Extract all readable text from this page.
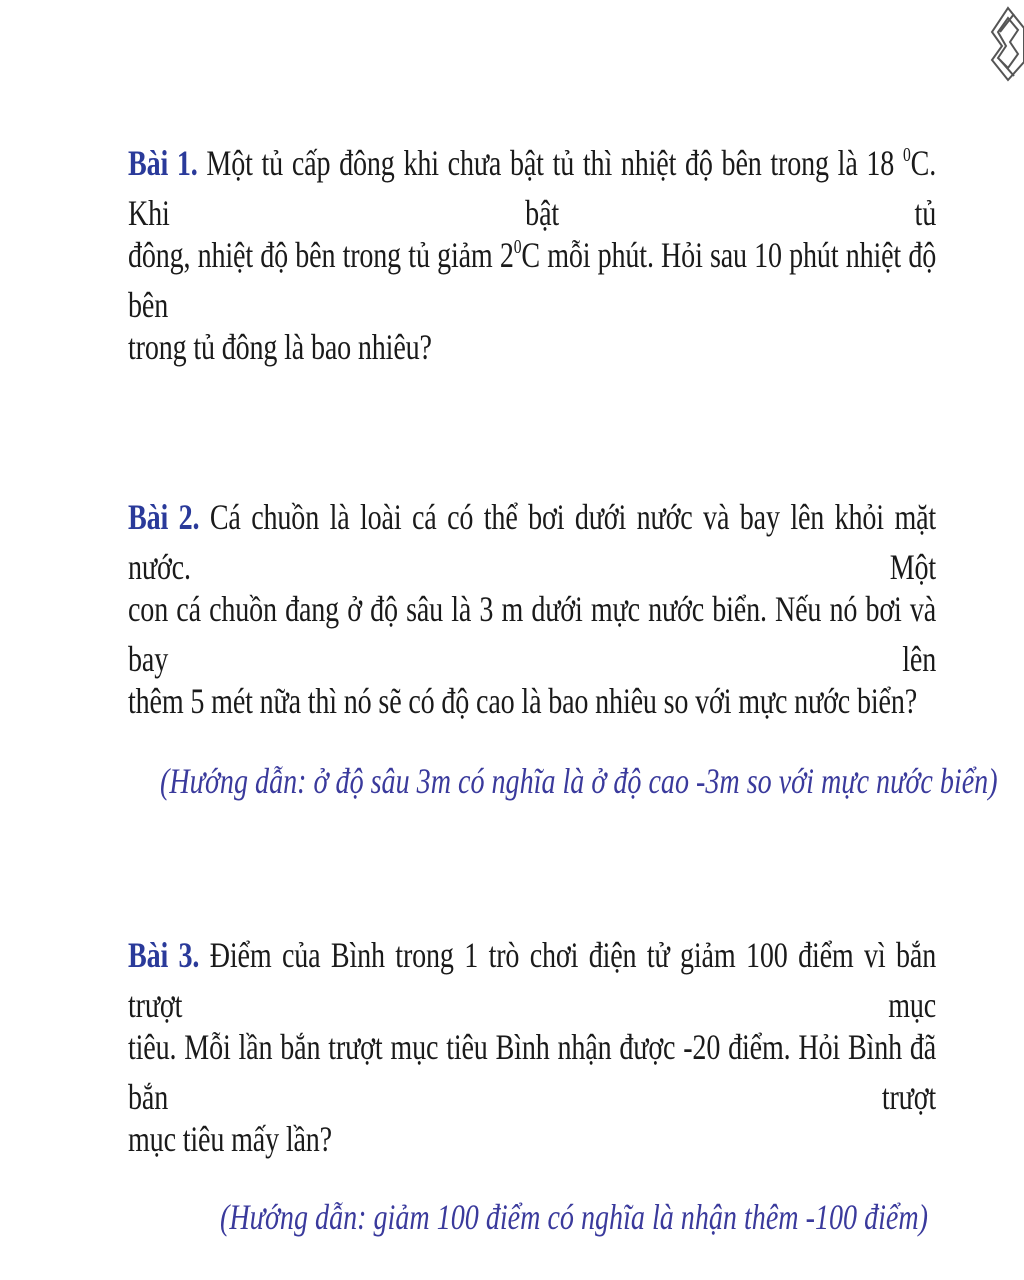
Bài 1. Một tủ cấp đông khi chưa bật tủ thì nhiệt độ bên trong là 18 $^0$C. Khi bật tủ
đông, nhiệt độ bên trong tủ giảm $2^0C$ mỗi phút. Hỏi sau 10 phút nhiệt độ bên
trong tủ đông là bao nhiêu?
Bài 2. Cá chuồn là loài cá có thể bơi dưới nước và bay lên khỏi mặt nước. Một
con cá chuồn đang ở độ sâu là 3 m dưới mực nước biển. Nếu nó bơi và bay lên
thêm 5 mét nữa thì nó sẽ có độ cao là bao nhiêu so với mực nước biển?
(Hướng dẫn: ở độ sâu 3m có nghĩa là ở độ cao -3m so với mực nước biển)
Bài 3. Điểm của Bình trong 1 trò chơi điện tử giảm 100 điểm vì bắn trượt mục
tiêu. Mỗi lần bắn trượt mục tiêu Bình nhận được -20 điểm. Hỏi Bình đã bắn trượt
mục tiêu mấy lần?
(Hướng dẫn: giảm 100 điểm có nghĩa là nhận thêm -100 điểm)
